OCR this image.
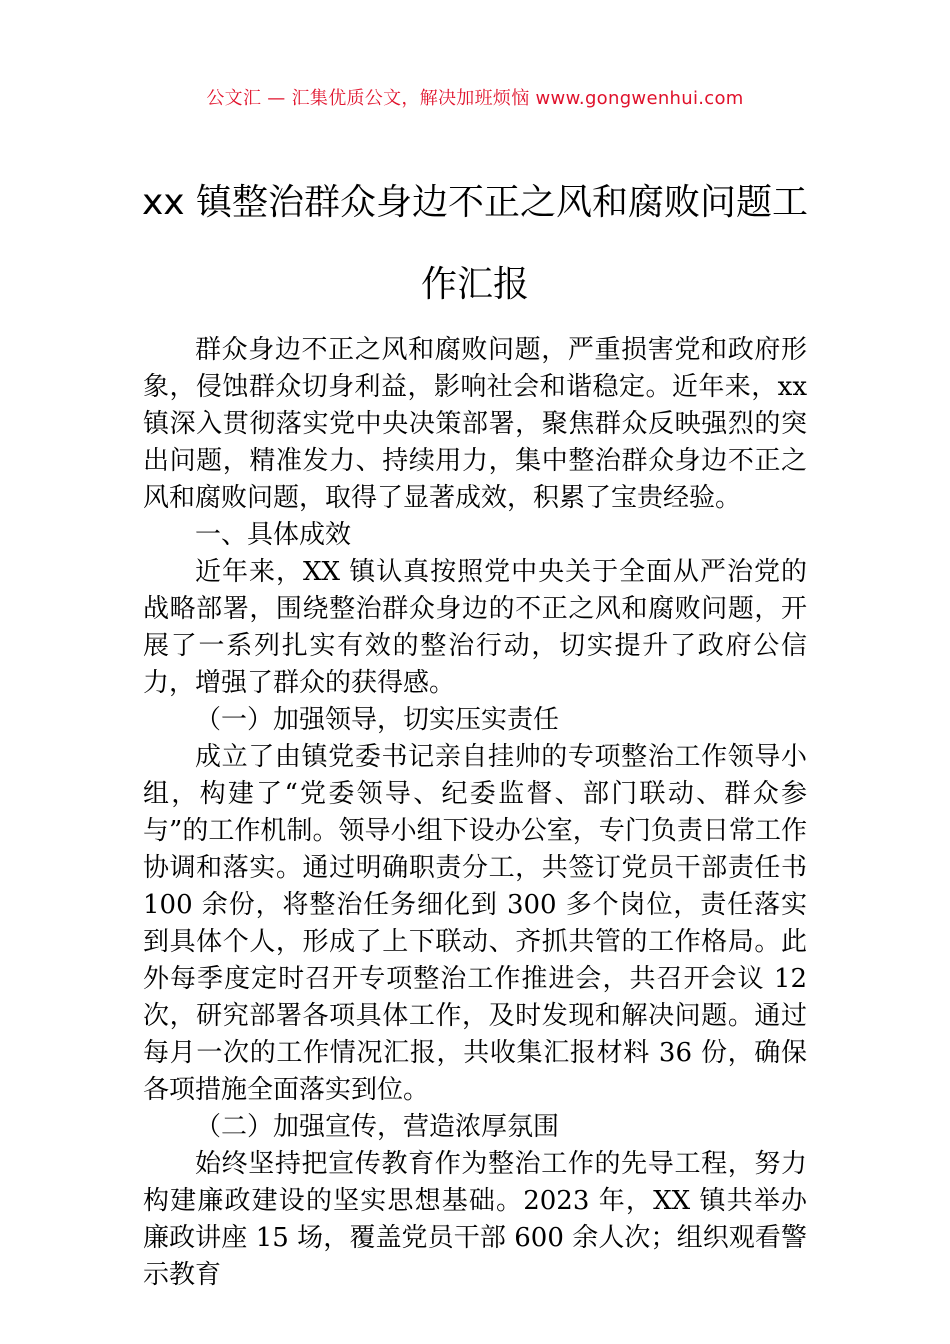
公文汇 — 汇集优质公文，解决加班烦恼 www.gongwenhui.com
xx 镇整治群众身边不正之风和腐败问题工作汇报

群众身边不正之风和腐败问题，严重损害党和政府形象，侵蚀群众切身利益，影响社会和谐稳定。近年来，xx 镇深入贯彻落实党中央决策部署，聚焦群众反映强烈的突出问题，精准发力、持续用力，集中整治群众身边不正之风和腐败问题，取得了显著成效，积累了宝贵经验。

一、具体成效

近年来，XX 镇认真按照党中央关于全面从严治党的战略部署，围绕整治群众身边的不正之风和腐败问题，开展了一系列扎实有效的整治行动，切实提升了政府公信力，增强了群众的获得感。

（一）加强领导，切实压实责任

成立了由镇党委书记亲自挂帅的专项整治工作领导小组，构建了“党委领导、纪委监督、部门联动、群众参与”的工作机制。领导小组下设办公室，专门负责日常工作协调和落实。通过明确职责分工，共签订党员干部责任书 100 余份，将整治任务细化到 300 多个岗位，责任落实到具体个人，形成了上下联动、齐抓共管的工作格局。此外每季度定时召开专项整治工作推进会，共召开会议 12 次，研究部署各项具体工作，及时发现和解决问题。通过每月一次的工作情况汇报，共收集汇报材料 36 份，确保各项措施全面落实到位。

（二）加强宣传，营造浓厚氛围

始终坚持把宣传教育作为整治工作的先导工程，努力构建廉政建设的坚实思想基础。2023 年，XX 镇共举办廉政讲座 15 场，覆盖党员干部 600 余人次；组织观看警示教育
